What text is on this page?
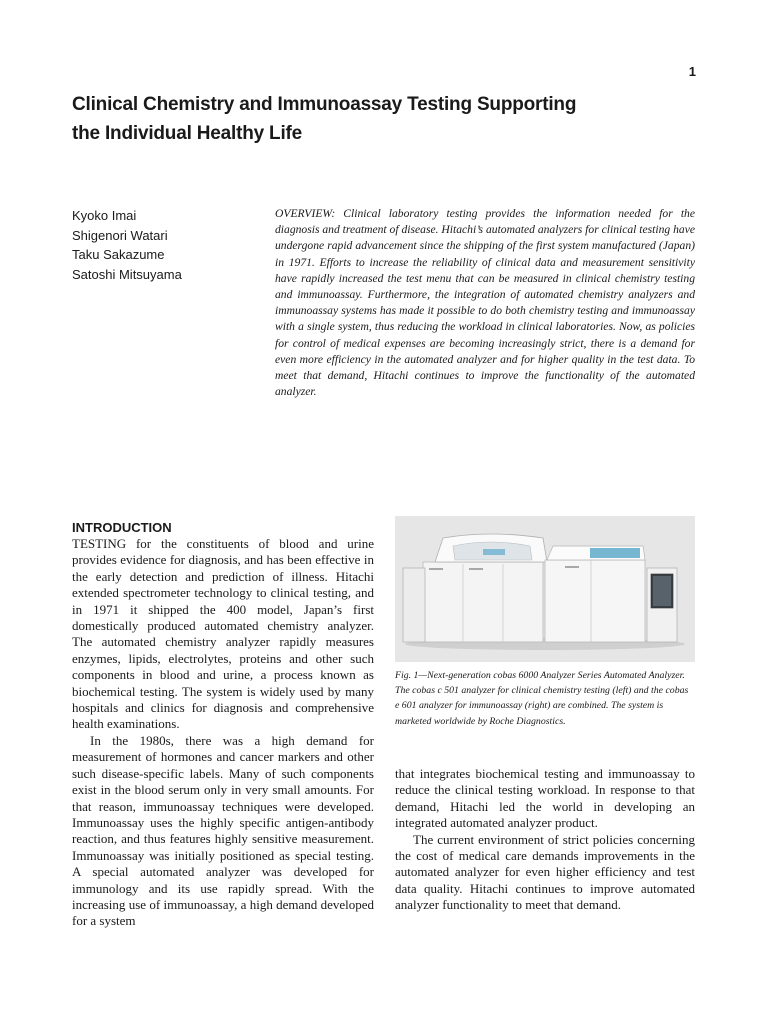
1
Clinical Chemistry and Immunoassay Testing Supporting
the Individual Healthy Life
Kyoko Imai
Shigenori Watari
Taku Sakazume
Satoshi Mitsuyama

OVERVIEW: Clinical laboratory testing provides the information needed for the diagnosis and treatment of disease. Hitachi’s automated analyzers for clinical testing have undergone rapid advancement since the shipping of the first system manufactured (Japan) in 1971. Efforts to increase the reliability of clinical data and measurement sensitivity have rapidly increased the test menu that can be measured in clinical chemistry testing and immunoassay. Furthermore, the integration of automated chemistry analyzers and immunoassay systems has made it possible to do both chemistry testing and immunoassay with a single system, thus reducing the workload in clinical laboratories. Now, as policies for control of medical expenses are becoming increasingly strict, there is a demand for even more efficiency in the automated analyzer and for higher quality in the test data. To meet that demand, Hitachi continues to improve the functionality of the automated analyzer.

INTRODUCTION

TESTING for the constituents of blood and urine provides evidence for diagnosis, and has been effective in the early detection and prediction of illness. Hitachi extended spectrometer technology to clinical testing, and in 1971 it shipped the 400 model, Japan’s first domestically produced automated chemistry analyzer. The automated chemistry analyzer rapidly measures enzymes, lipids, electrolytes, proteins and other such components in blood and urine, a process known as biochemical testing. The system is widely used by many hospitals and clinics for diagnosis and comprehensive health examinations.

In the 1980s, there was a high demand for measurement of hormones and cancer markers and other such disease-specific labels. Many of such components exist in the blood serum only in very small amounts. For that reason, immunoassay techniques were developed. Immunoassay uses the highly specific antigen-antibody reaction, and thus features highly sensitive measurement. Immunoassay was initially positioned as special testing. A special automated analyzer was developed for immunology and its use rapidly spread. With the increasing use of immunoassay, a high demand developed for a system

Fig. 1—Next-generation cobas 6000 Analyzer Series Automated Analyzer.
The cobas c 501 analyzer for clinical chemistry testing (left) and the cobas e 601 analyzer for immunoassay (right) are combined. The system is marketed worldwide by Roche Diagnostics.

that integrates biochemical testing and immunoassay to reduce the clinical testing workload. In response to that demand, Hitachi led the world in developing an integrated automated analyzer product.

The current environment of strict policies concerning the cost of medical care demands improvements in the automated analyzer for even higher efficiency and test data quality. Hitachi continues to improve automated analyzer functionality to meet that demand.
